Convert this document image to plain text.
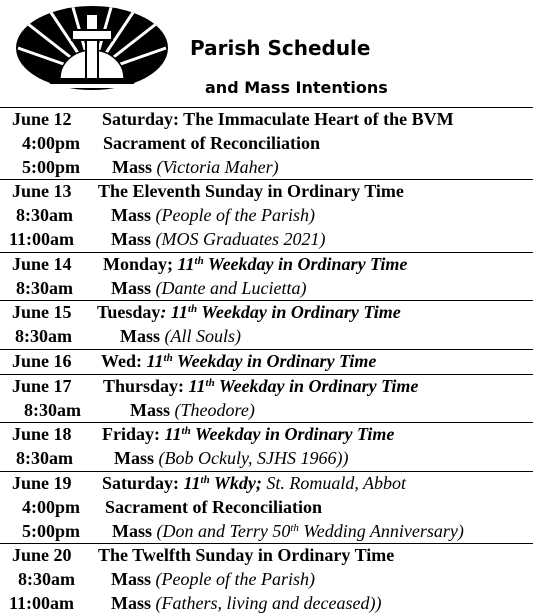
Parish Schedule
and Mass Intentions
June 12 Saturday: The Immaculate Heart of the BVM
4:00pm Sacrament of Reconciliation
5:00pm Mass (Victoria Maher)
June 13 The Eleventh Sunday in Ordinary Time
8:30am Mass (People of the Parish)
11:00am Mass (MOS Graduates 2021)
June 14 Monday; 11th Weekday in Ordinary Time
8:30am Mass (Dante and Lucietta)
June 15 Tuesday: 11th Weekday in Ordinary Time
8:30am	Mass (All Souls)
June 16 Wed: 11th Weekday in Ordinary Time
June 17 Thursday: 11th Weekday in Ordinary Time
8:30am	Mass (Theodore)
June 18 Friday: 11th Weekday in Ordinary Time
8:30am Mass (Bob Ockuly, SJHS 1966))
June 19 Saturday: 11th Wkdy; St. Romuald, Abbot
4:00pm Sacrament of Reconciliation
5:00pm Mass (Don and Terry 50th Wedding Anniversary)
June 20 The Twelfth Sunday in Ordinary Time
8:30am Mass (People of the Parish)
11:00am Mass (Fathers, living and deceased))
